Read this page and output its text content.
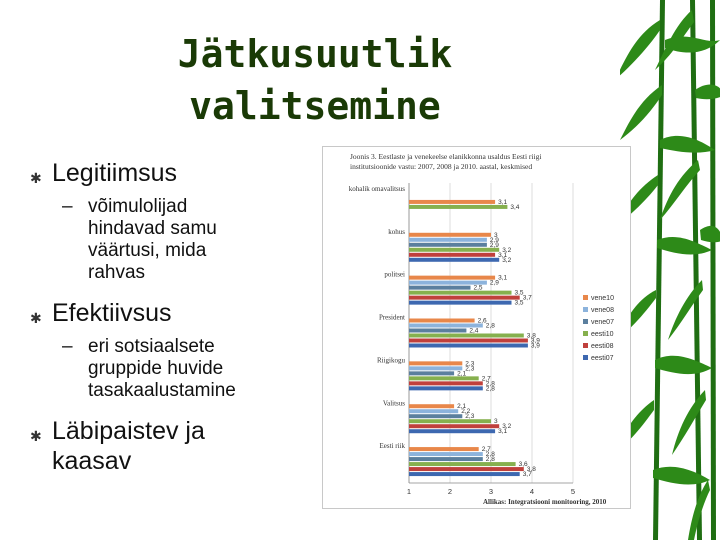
Jätkusuutlik
valitsemine
✱ Legitiimsus
– võimulolijad
hindavad samu
väärtusi, mida
rahvas
✱ Efektiivsus
– eri sotsiaalsete
gruppide huvide
tasakaalustamine
✱ Läbipaistev ja
kaasav
Joonis 3. Eestlaste ja venekeelse elanikkonna usaldus Eesti riigi
institutsioonide vastu: 2007, 2008 ja 2010. aastal, keskmised
1	2	3	4	5
3,1
3,4
kohalik omavalitsus
3
2,9
2,9
3,2
3,1
3,2
kohus
3,1
2,9
2,5
3,5
3,7
3,5
politsei
2,6
2,8
2,4
3,8
3,9
3,9
President
2,3
2,3
2,1
2,7
2,8
2,8
Riigikogu
2,1
2,2
2,3
3
3,2
3,1
Valitsus
2,7
2,8
2,8
3,6
3,8
3,7
Eesti riik
vene10
vene08
vene07
eesti10
eesti08
eesti07
Allikas: Integratsiooni monitooring, 2010
